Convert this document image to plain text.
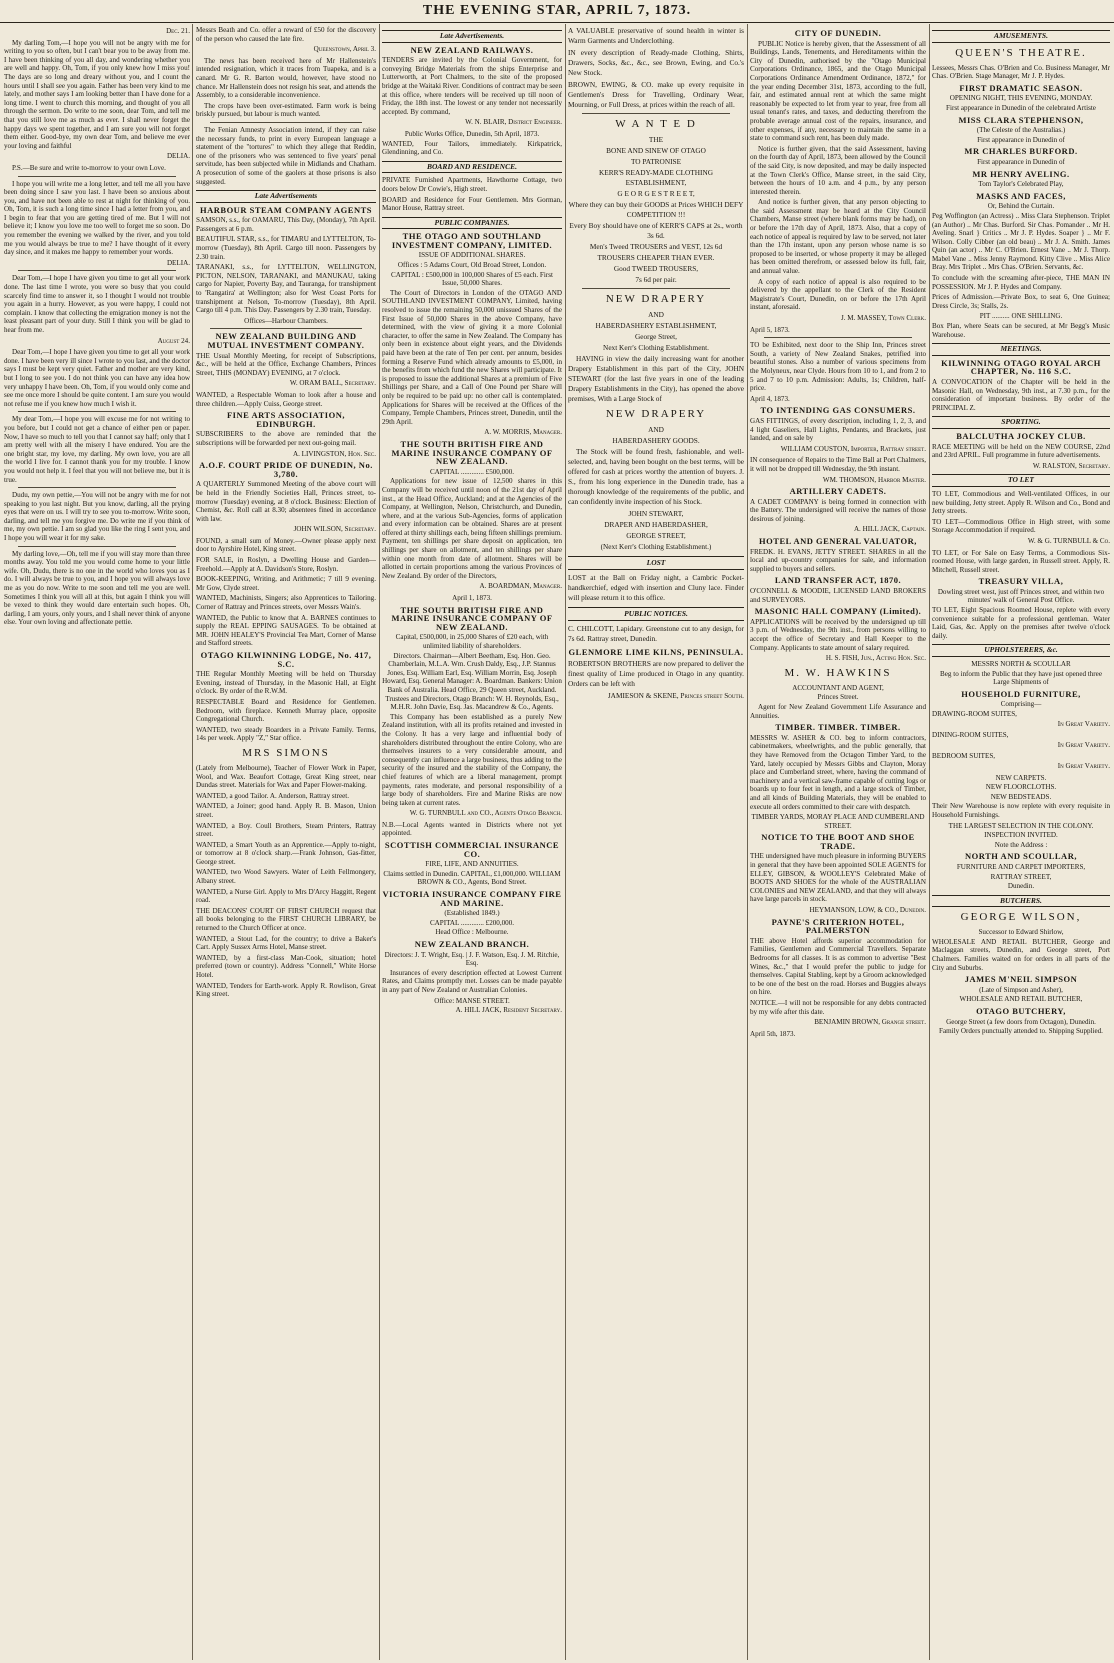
THE EVENING STAR, APRIL 7, 1873.
Dec. 21.

My darling Tom,—I hope you will not be angry with me for writing to you so often, but I can't bear you to be away from me. I have been thinking of you all day, and wondering whether you are well and happy. Oh, Tom, if you only knew how I miss you! The days are so long and dreary without you, and I count the hours until I shall see you again. Father has been very kind to me lately, and mother says I am looking better than I have done for a long time. I went to church this morning, and thought of you all through the sermon. Do write to me soon, dear Tom, and tell me that you still love me as much as ever. I shall never forget the happy days we spent together, and I am sure you will not forget them either. Good-bye, my own dear Tom, and believe me ever your loving and faithful

DELIA.

P.S.—Be sure and write to-morrow to your own Love.

I hope you will write me a long letter, and tell me all you have been doing since I saw you last. I have been so anxious about you, and have not been able to rest at night for thinking of you. Oh, Tom, it is such a long time since I had a letter from you, and I begin to fear that you are getting tired of me. But I will not believe it; I know you love me too well to forget me so soon. Do you remember the evening we walked by the river, and you told me you would always be true to me? I have thought of it every day since, and it makes me happy to remember your words.

DELIA.

Dear Tom,—I hope I have given you time to get all your work done. The last time I wrote, you were so busy that you could scarcely find time to answer it, so I thought I would not trouble you again in a hurry. However, as you were happy, I could not complain. I know that collecting the emigration money is not the least pleasant part of your duty. Still I think you will be glad to hear from me.

August 24.

Dear Tom,—I hope I have given you time to get all your work done. I have been very ill since I wrote to you last, and the doctor says I must be kept very quiet. Father and mother are very kind, but I long to see you. I do not think you can have any idea how very unhappy I have been. Oh, Tom, if you would only come and see me once more I should be quite content. I am sure you would not refuse me if you knew how much I wish it.

My dear Tom,—I hope you will excuse me for not writing to you before, but I could not get a chance of either pen or paper. Now, I have so much to tell you that I cannot say half; only that I am pretty well with all the misery I have endured. You are the one bright star, my love, my darling. My own love, you are all the world I live for. I cannot thank you for my trouble. I know you would not help it. I feel that you will not believe me, but it is true.

Dudu, my own pettie,—You will not be angry with me for not speaking to you last night. But you know, darling, all the prying eyes that were on us. I will try to see you to-morrow. Write soon, darling, and tell me you forgive me. Do write me if you think of me, my own pettie. I am so glad you like the ring I sent you, and I hope you will wear it for my sake.

My darling love,—Oh, tell me if you will stay more than three months away. You told me you would come home to your little wife. Oh, Dudu, there is no one in the world who loves you as I do. I will always be true to you, and I hope you will always love me as you do now. Write to me soon and tell me you are well. Sometimes I think you will all at this, but again I think you will be vexed to think they would dare entertain such hopes. Oh, darling, I am yours, only yours, and I shall never think of anyone else. Your own loving and affectionate pettie.

Messrs Beath and Co. offer a reward of £50 for the discovery of the person who caused the late fire.

Queenstown, April 3.

The news has been received here of Mr Hallenstein's intended resignation, which it traces from Tuapeka, and is a canard. Mr G. R. Barton would, however, have stood no chance. Mr Hallenstein does not resign his seat, and attends the Assembly, to a considerable inconvenience.

The crops have been over-estimated. Farm work is being briskly pursued, but labour is much wanted.

The Fenian Amnesty Association intend, if they can raise the necessary funds, to print in every European language a statement of the "tortures" to which they allege that Reddin, one of the prisoners who was sentenced to five years' penal servitude, has been subjected while in Midlands and Chatham. A prosecution of some of the gaolers at those prisons is also suggested.

Late Advertisements
HARBOUR STEAM COMPANY AGENTS

SAMSON, s.s., for OAMARU, This Day, (Monday), 7th April. Passengers at 6 p.m.

BEAUTIFUL STAR, s.s., for TIMARU and LYTTELTON, To-morrow (Tuesday), 8th April. Cargo till noon. Passengers by 2.30 train.

TARANAKI, s.s., for LYTTELTON, WELLINGTON, PICTON, NELSON, TARANAKI, and MANUKAU, taking cargo for Napier, Poverty Bay, and Tauranga, for transhipment to 'Rangatira' at Wellington; also for West Coast Ports for transhipment at Nelson, To-morrow (Tuesday), 8th April. Cargo till 4 p.m. This Day. Passengers by 2.30 train, Tuesday.

Offices—Harbour Chambers.
NEW ZEALAND BUILDING AND MUTUAL INVESTMENT COMPANY.

THE Usual Monthly Meeting, for receipt of Subscriptions, &c., will be held at the Office, Exchange Chambers, Princes Street, THIS (MONDAY) EVENING, at 7 o'clock.

W. ORAM BALL, Secretary.

WANTED, a Respectable Woman to look after a house and three children.—Apply Cuiss, George street.

FINE ARTS ASSOCIATION, EDINBURGH.

SUBSCRIBERS to the above are reminded that the subscriptions will be forwarded per next out-going mail.

A. LIVINGSTON, Hon. Sec.
A.O.F. COURT PRIDE OF DUNEDIN, No. 3,780.

A QUARTERLY Summoned Meeting of the above court will be held in the Friendly Societies Hall, Princes street, to-morrow (Tuesday) evening, at 8 o'clock. Business: Election of Chemist, &c. Roll call at 8.30; absentees fined in accordance with law.

JOHN WILSON, Secretary.

FOUND, a small sum of Money.—Owner please apply next door to Ayrshire Hotel, King street.

FOR SALE, in Roslyn, a Dwelling House and Garden—Freehold.—Apply at A. Davidson's Store, Roslyn.

BOOK-KEEPING, Writing, and Arithmetic; 7 till 9 evening. Mr Gow, Clyde street.

WANTED, Machinists, Singers; also Apprentices to Tailoring. Corner of Rattray and Princes streets, over Messrs Wain's.

WANTED, the Public to know that A. BARNES continues to supply the REAL EPPING SAUSAGES. To be obtained at MR. JOHN HEALEY'S Provincial Tea Mart, Corner of Manse and Stafford streets.

OTAGO KILWINNING LODGE, No. 417, S.C.

THE Regular Monthly Meeting will be held on Thursday Evening, instead of Thursday, in the Masonic Hall, at Eight o'clock. By order of the R.W.M.

RESPECTABLE Board and Residence for Gentlemen. Bedroom, with fireplace. Kenneth Murray place, opposite Congregational Church.

WANTED, two steady Boarders in a Private Family. Terms, 14s per week. Apply "Z," Star office.

MRS SIMONS

(Lately from Melbourne), Teacher of Flower Work in Paper, Wool, and Wax. Beaufort Cottage, Great King street, near Dundas street. Materials for Wax and Paper Flower-making.

WANTED, a good Tailor. A. Anderson, Rattray street.

WANTED, a Joiner; good hand. Apply R. B. Mason, Union street.

WANTED, a Boy. Coull Brothers, Steam Printers, Rattray street.

WANTED, a Smart Youth as an Apprentice.—Apply to-night, or tomorrow at 8 o'clock sharp.—Frank Johnson, Gas-fitter, George street.

WANTED, two Wood Sawyers. Water of Leith Fellmongery, Albany street.

WANTED, a Nurse Girl. Apply to Mrs D'Arcy Haggitt, Regent road.

THE DEACONS' COURT OF FIRST CHURCH request that all books belonging to the FIRST CHURCH LIBRARY, be returned to the Church Officer at once.

WANTED, a Stout Lad, for the country; to drive a Baker's Cart. Apply Sussex Arms Hotel, Manse street.

WANTED, by a first-class Man-Cook, situation; hotel preferred (town or country). Address "Connell," White Horse Hotel.

WANTED, Tenders for Earth-work. Apply R. Rowlison, Great King street.

Late Advertisements.
NEW ZEALAND RAILWAYS.

TENDERS are invited by the Colonial Government, for conveying Bridge Materials from the ships Enterprise and Lutterworth, at Port Chalmers, to the site of the proposed bridge at the Waitaki River. Conditions of contract may be seen at this office, where tenders will be received up till noon of Friday, the 18th inst. The lowest or any tender not necessarily accepted. By command,

W. N. BLAIR, District Engineer.
Public Works Office, Dunedin, 5th April, 1873.

WANTED, Four Tailors, immediately. Kirkpatrick, Glendinning, and Co.

BOARD AND RESIDENCE.

PRIVATE Furnished Apartments, Hawthorne Cottage, two doors below Dr Cowie's, High street.

BOARD and Residence for Four Gentlemen. Mrs Gorman, Manor House, Rattray street.

PUBLIC COMPANIES.
THE OTAGO AND SOUTHLAND INVESTMENT COMPANY, LIMITED.
ISSUE OF ADDITIONAL SHARES.
Offices : 5 Adams Court, Old Broad Street, London.
CAPITAL : £500,000 in 100,000 Shares of £5 each. First Issue, 50,000 Shares.

The Court of Directors in London of the OTAGO AND SOUTHLAND INVESTMENT COMPANY, Limited, having resolved to issue the remaining 50,000 unissued Shares of the First Issue of 50,000 Shares in the above Company, have determined, with the view of giving it a more Colonial character, to offer the same in New Zealand. The Company has only been in existence about eight years, and the Dividends paid have been at the rate of Ten per cent. per annum, besides forming a Reserve Fund which already amounts to £5,000, in the benefits from which fund the new Shares will participate. It is proposed to issue the additional Shares at a premium of Five Shillings per Share, and a Call of One Pound per Share will only be required to be paid up: no other call is contemplated. Applications for Shares will be received at the Offices of the Company, Temple Chambers, Princes street, Dunedin, until the 29th April.

A. W. MORRIS, Manager.
THE SOUTH BRITISH FIRE AND MARINE INSURANCE COMPANY OF NEW ZEALAND.
CAPITAL ............. £500,000.

Applications for new issue of 12,500 shares in this Company will be received until noon of the 21st day of April inst., at the Head Office, Auckland; and at the Agencies of the Company, at Wellington, Nelson, Christchurch, and Dunedin, where, and at the various Sub-Agencies, forms of application and every information can be obtained. Shares are at present offered at thirty shillings each, being fifteen shillings premium. Payment, ten shillings per share deposit on application, ten shillings per share on allotment, and ten shillings per share within one month from date of allotment. Shares will be allotted in certain proportions among the various Provinces of New Zealand. By order of the Directors,

A. BOARDMAN, Manager.
April 1, 1873.
THE SOUTH BRITISH FIRE AND MARINE INSURANCE COMPANY OF NEW ZEALAND.
Capital, £500,000, in 25,000 Shares of £20 each, with unlimited liability of shareholders.
Directors. Chairman—Albert Beetham, Esq. Hon. Geo. Chamberlain, M.L.A. Wm. Crush Daldy, Esq., J.P. Stannus Jones, Esq. William Earl, Esq. William Morrin, Esq. Joseph Howard, Esq. General Manager: A. Boardman. Bankers: Union Bank of Australia. Head Office, 29 Queen street, Auckland. Trustees and Directors, Otago Branch: W. H. Reynolds, Esq., M.H.R. John Davie, Esq. Jas. Macandrew & Co., Agents.

This Company has been established as a purely New Zealand institution, with all its profits retained and invested in the Colony. It has a very large and influential body of shareholders distributed throughout the entire Colony, who are themselves insurers to a very considerable amount, and consequently can influence a large business, thus adding to the security of the insured and the stability of the Company, the chief features of which are a liberal management, prompt payments, rates moderate, and personal responsibility of a large body of shareholders. Fire and Marine Risks are now being taken at current rates.

W. G. TURNBULL and CO., Agents Otago Branch.

N.B.—Local Agents wanted in Districts where not yet appointed.

SCOTTISH COMMERCIAL INSURANCE CO.
FIRE, LIFE, AND ANNUITIES.
Claims settled in Dunedin. CAPITAL, £1,000,000. WILLIAM BROWN & CO., Agents, Bond Street.
VICTORIA INSURANCE COMPANY FIRE AND MARINE.
(Established 1849.)
CAPITAL ............. £200,000.
Head Office : Melbourne.
NEW ZEALAND BRANCH.
Directors: J. T. Wright, Esq. | J. F. Watson, Esq. J. M. Ritchie, Esq.

Insurances of every description effected at Lowest Current Rates, and Claims promptly met. Losses can be made payable in any part of New Zealand or Australian Colonies.

Office: MANSE STREET.
A. HILL JACK, Resident Secretary.

A VALUABLE preservative of sound health in winter is Warm Garments and Underclothing.

IN every description of Ready-made Clothing, Shirts, Drawers, Socks, &c., &c., see Brown, Ewing, and Co.'s New Stock.

BROWN, EWING, & CO. make up every requisite in Gentlemen's Dress for Travelling, Ordinary Wear, Mourning, or Full Dress, at prices within the reach of all.

W A N T E D
THE
BONE AND SINEW OF OTAGO
TO PATRONISE
KERR'S READY-MADE CLOTHING ESTABLISHMENT,
G E O R G E S T R E E T,
Where they can buy their GOODS at Prices WHICH DEFY COMPETITION !!!
Every Boy should have one of KERR'S CAPS at 2s., worth 3s 6d.
Men's Tweed TROUSERS and VEST, 12s 6d
TROUSERS CHEAPER THAN EVER.
Good TWEED TROUSERS,
7s 6d per pair.
NEW DRAPERY
AND
HABERDASHERY ESTABLISHMENT,
George Street,
Next Kerr's Clothing Establishment.

HAVING in view the daily increasing want for another Drapery Establishment in this part of the City, JOHN STEWART (for the last five years in one of the leading Drapery Establishments in the City), has opened the above premises, With a Large Stock of

NEW DRAPERY
AND
HABERDASHERY GOODS.

The Stock will be found fresh, fashionable, and well-selected, and, having been bought on the best terms, will be offered for cash at prices worthy the attention of buyers. J. S., from his long experience in the Dunedin trade, has a thorough knowledge of the requirements of the public, and can confidently invite inspection of his Stock.

JOHN STEWART,
DRAPER AND HABERDASHER,
GEORGE STREET,
(Next Kerr's Clothing Establishment.)
LOST

LOST at the Ball on Friday night, a Cambric Pocket-handkerchief, edged with insertion and Cluny lace. Finder will please return it to this office.

PUBLIC NOTICES.

C. CHILCOTT, Lapidary. Greenstone cut to any design, for 7s 6d. Rattray street, Dunedin.

GLENMORE LIME KILNS, PENINSULA.

ROBERTSON BROTHERS are now prepared to deliver the finest quality of Lime produced in Otago in any quantity. Orders can be left with

JAMIESON & SKENE, Princes street South.
CITY OF DUNEDIN.

PUBLIC Notice is hereby given, that the Assessment of all Buildings, Lands, Tenements, and Hereditaments within the City of Dunedin, authorised by the "Otago Municipal Corporations Ordinance, 1865, and the Otago Municipal Corporations Ordinance Amendment Ordinance, 1872," for the year ending December 31st, 1873, according to the full, fair, and estimated annual rent at which the same might reasonably be expected to let from year to year, free from all usual tenant's rates, and taxes, and deducting therefrom the probable average annual cost of the repairs, insurance, and other expenses, if any, necessary to maintain the same in a state to command such rent, has been duly made.

Notice is further given, that the said Assessment, having on the fourth day of April, 1873, been allowed by the Council of the said City, is now deposited, and may be daily inspected at the Town Clerk's Office, Manse street, in the said City, between the hours of 10 a.m. and 4 p.m., by any person interested therein.

And notice is further given, that any person objecting to the said Assessment may be heard at the City Council Chambers, Manse street (where blank forms may be had), on or before the 17th day of April, 1873. Also, that a copy of each notice of appeal is required by law to be served, not later than the 17th instant, upon any person whose name is so proposed to be inserted, or whose property it may be alleged has been omitted therefrom, or assessed below its full, fair, and annual value.

A copy of each notice of appeal is also required to be delivered by the appellant to the Clerk of the Resident Magistrate's Court, Dunedin, on or before the 17th April instant, aforesaid.

J. M. MASSEY, Town Clerk.
April 5, 1873.

TO be Exhibited, next door to the Ship Inn, Princes street South, a variety of New Zealand Snakes, petrified into beautiful stones. Also a number of various specimens from the Molyneux, near Clyde. Hours from 10 to 1, and from 2 to 5 and 7 to 10 p.m. Admission: Adults, 1s; Children, half-price.

April 4, 1873.
TO INTENDING GAS CONSUMERS.

GAS FITTINGS, of every description, including 1, 2, 3, and 4 light Gaseliers, Hall Lights, Pendants, and Brackets, just landed, and on sale by

WILLIAM COUSTON, Importer, Rattray street.

IN consequence of Repairs to the Time Ball at Port Chalmers, it will not be dropped till Wednesday, the 9th instant.

WM. THOMSON, Harbor Master.
ARTILLERY CADETS.

A CADET COMPANY is being formed in connection with the Battery. The undersigned will receive the names of those desirous of joining.

A. HILL JACK, Captain.
HOTEL AND GENERAL VALUATOR,

FREDK. H. EVANS, JETTY STREET. SHARES in all the local and up-country companies for sale, and information supplied to buyers and sellers.

LAND TRANSFER ACT, 1870.

O'CONNELL & MOODIE, LICENSED LAND BROKERS and SURVEYORS.

MASONIC HALL COMPANY (Limited).

APPLICATIONS will be received by the undersigned up till 3 p.m. of Wednesday, the 9th inst., from persons willing to accept the office of Secretary and Hall Keeper to the Company. Applicants to state amount of salary required.

H. S. FISH, Jun., Acting Hon. Sec.
M. W. HAWKINS
ACCOUNTANT AND AGENT,
Princes Street.

Agent for New Zealand Government Life Assurance and Annuities.

TIMBER. TIMBER. TIMBER.

MESSRS W. ASHER & CO. beg to inform contractors, cabinetmakers, wheelwrights, and the public generally, that they have Removed from the Octagon Timber Yard, to the Yard, lately occupied by Messrs Gibbs and Clayton, Moray place and Cumberland street, where, having the command of machinery and a vertical saw-frame capable of cutting logs or boards up to four feet in length, and a large stock of Timber, and all kinds of Building Materials, they will be enabled to execute all orders committed to their care with despatch.

TIMBER YARDS, MORAY PLACE AND CUMBERLAND STREET.
NOTICE TO THE BOOT AND SHOE TRADE.

THE undersigned have much pleasure in informing BUYERS in general that they have been appointed SOLE AGENTS for ELLEY, GIBSON, & WOOLLEY'S Celebrated Make of BOOTS AND SHOES for the whole of the AUSTRALIAN COLONIES and NEW ZEALAND, and that they will always have large parcels in stock.

HEYMANSON, LOW, & CO., Dunedin.
PAYNE'S CRITERION HOTEL, PALMERSTON

THE above Hotel affords superior accommodation for Families, Gentlemen and Commercial Travellers. Separate Bedrooms for all classes. It is as common to advertise "Best Wines, &c.," that I would prefer the public to judge for themselves. Capital Stabling, kept by a Groom acknowledged to be one of the best on the road. Horses and Buggies always on hire.

NOTICE.—I will not be responsible for any debts contracted by my wife after this date.

BENJAMIN BROWN, Grange street.
April 5th, 1873.
AMUSEMENTS.
QUEEN'S THEATRE.

Lessees, Messrs Chas. O'Brien and Co. Business Manager, Mr Chas. O'Brien. Stage Manager, Mr J. P. Hydes.

FIRST DRAMATIC SEASON.
OPENING NIGHT, THIS EVENING, MONDAY.
First appearance in Dunedin of the celebrated Artiste
MISS CLARA STEPHENSON,
(The Celeste of the Australias.)
First appearance in Dunedin of
MR CHARLES BURFORD.
First appearance in Dunedin of
MR HENRY AVELING.
Tom Taylor's Celebrated Play,
MASKS AND FACES,
Or, Behind the Curtain.

Peg Woffington (an Actress) .. Miss Clara Stephenson. Triplet (an Author) .. Mr Chas. Burford. Sir Chas. Pomander .. Mr H. Aveling. Snarl } Critics .. Mr J. P. Hydes. Soaper } .. Mr F. Wilson. Colly Cibber (an old beau) .. Mr J. A. Smith. James Quin (an actor) .. Mr C. O'Brien. Ernest Vane .. Mr J. Thorp. Mabel Vane .. Miss Jenny Raymond. Kitty Clive .. Miss Alice Bray. Mrs Triplet .. Mrs Chas. O'Brien. Servants, &c.

To conclude with the screaming after-piece, THE MAN IN POSSESSION. Mr J. P. Hydes and Company.

Prices of Admission.—Private Box, to seat 6, One Guinea; Dress Circle, 3s; Stalls, 2s.

PIT .......... ONE SHILLING.

Box Plan, where Seats can be secured, at Mr Begg's Music Warehouse.

MEETINGS.
KILWINNING OTAGO ROYAL ARCH CHAPTER, No. 116 S.C.

A CONVOCATION of the Chapter will be held in the Masonic Hall, on Wednesday, 9th inst., at 7.30 p.m., for the consideration of important business. By order of the PRINCIPAL Z.

SPORTING.
BALCLUTHA JOCKEY CLUB.

RACE MEETING will be held on the NEW COURSE, 22nd and 23rd APRIL. Full programme in future advertisements.

W. RALSTON, Secretary.
TO LET

TO LET, Commodious and Well-ventilated Offices, in our new building, Jetty street. Apply R. Wilson and Co., Bond and Jetty streets.

TO LET—Commodious Office in High street, with some Storage Accommodation if required.

W. & G. TURNBULL & Co.

TO LET, or For Sale on Easy Terms, a Commodious Six-roomed House, with large garden, in Russell street. Apply, R. Mitchell, Russell street.

TREASURY VILLA,
Dowling street west, just off Princes street, and within two minutes' walk of General Post Office.

TO LET, Eight Spacious Roomed House, replete with every convenience suitable for a professional gentleman. Water Laid, Gas, &c. Apply on the premises after twelve o'clock daily.

UPHOLSTERERS, &c.
MESSRS NORTH & SCOULLAR
Beg to inform the Public that they have just opened three Large Shipments of
HOUSEHOLD FURNITURE,
Comprising—
DRAWING-ROOM SUITES,
In Great Variety.
DINING-ROOM SUITES,
In Great Variety.
BEDROOM SUITES,
In Great Variety.
NEW CARPETS.
NEW FLOORCLOTHS.
NEW BEDSTEADS.

Their New Warehouse is now replete with every requisite in Household Furnishings.

THE LARGEST SELECTION IN THE COLONY.
INSPECTION INVITED.
Note the Address :
NORTH AND SCOULLAR,
FURNITURE AND CARPET IMPORTERS,
RATTRAY STREET,
Dunedin.
BUTCHERS.
GEORGE WILSON,
Successor to Edward Shirlow,

WHOLESALE AND RETAIL BUTCHER, George and Maclaggan streets, Dunedin, and George street, Port Chalmers. Families waited on for orders in all parts of the City and Suburbs.

JAMES M'NEIL SIMPSON
(Late of Simpson and Asher),
WHOLESALE AND RETAIL BUTCHER,
OTAGO BUTCHERY,
George Street (a few doors from Octagon), Dunedin.
Family Orders punctually attended to. Shipping Supplied.
